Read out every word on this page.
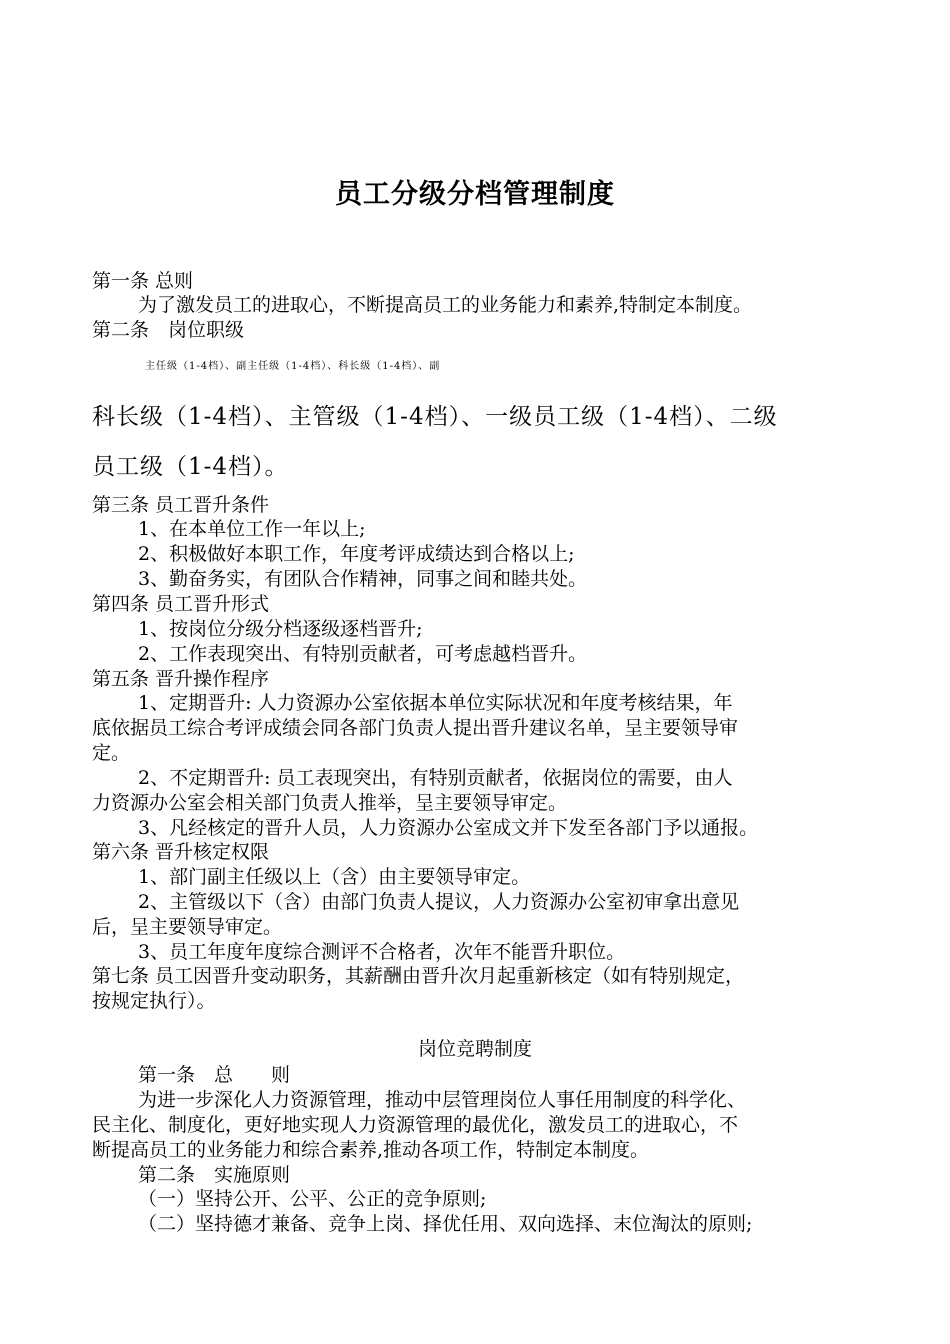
员工分级分档管理制度
第一条 总则
为了激发员工的进取心，不断提高员工的业务能力和素养,特制定本制度。
第二条　岗位职级
主任级（1-4档）、副主任级（1-4档）、科长级（1-4档）、副
科长级（1-4档）、主管级（1-4档）、一级员工级（1-4档）、二级
员工级（1-4档）。
第三条 员工晋升条件
1、在本单位工作一年以上;
2、积极做好本职工作，年度考评成绩达到合格以上;
3、勤奋务实，有团队合作精神，同事之间和睦共处。
第四条 员工晋升形式
1、按岗位分级分档逐级逐档晋升;
2、工作表现突出、有特别贡献者，可考虑越档晋升。
第五条 晋升操作程序
1、定期晋升: 人力资源办公室依据本单位实际状况和年度考核结果，年
底依据员工综合考评成绩会同各部门负责人提出晋升建议名单，呈主要领导审
定。
2、不定期晋升: 员工表现突出，有特别贡献者，依据岗位的需要，由人
力资源办公室会相关部门负责人推举，呈主要领导审定。
3、凡经核定的晋升人员，人力资源办公室成文并下发至各部门予以通报。
第六条 晋升核定权限
1、部门副主任级以上（含）由主要领导审定。
2、主管级以下（含）由部门负责人提议，人力资源办公室初审拿出意见
后，呈主要领导审定。
3、员工年度年度综合测评不合格者，次年不能晋升职位。
第七条 员工因晋升变动职务，其薪酬由晋升次月起重新核定（如有特别规定，
按规定执行）。
岗位竞聘制度
第一条　总　　则
为进一步深化人力资源管理，推动中层管理岗位人事任用制度的科学化、
民主化、制度化，更好地实现人力资源管理的最优化，激发员工的进取心，不
断提高员工的业务能力和综合素养,推动各项工作，特制定本制度。
第二条　实施原则
（一）坚持公开、公平、公正的竞争原则;
（二）坚持德才兼备、竞争上岗、择优任用、双向选择、末位淘汰的原则;
